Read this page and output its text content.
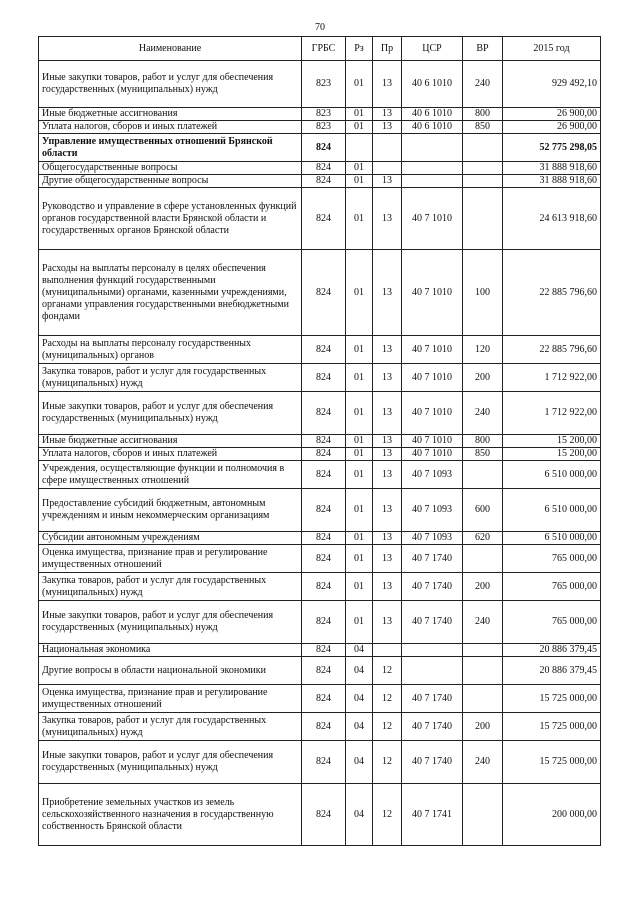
70
Наименование	ГРБС	Рз	Пр	ЦСР	ВР	2015 год
Иные закупки товаров, работ и услуг для обеспечения государственных (муниципальных) нужд	823	01	13	40 6 1010	240	929 492,10
Иные бюджетные ассигнования	823	01	13	40 6 1010	800	26 900,00
Уплата налогов, сборов и иных платежей	823	01	13	40 6 1010	850	26 900,00
Управление имущественных отношений Брянской области	824					52 775 298,05
Общегосударственные вопросы	824	01				31 888 918,60
Другие общегосударственные вопросы	824	01	13			31 888 918,60
Руководство и управление в сфере установленных функций органов государственной власти Брянской области и государственных органов Брянской области	824	01	13	40 7 1010		24 613 918,60
Расходы на выплаты персоналу в целях обеспечения выполнения функций государственными (муниципальными) органами, казенными учреждениями, органами управления государственными внебюджетными фондами	824	01	13	40 7 1010	100	22 885 796,60
Расходы на выплаты персоналу государственных (муниципальных) органов	824	01	13	40 7 1010	120	22 885 796,60
Закупка товаров, работ и услуг для государственных (муниципальных) нужд	824	01	13	40 7 1010	200	1 712 922,00
Иные закупки товаров, работ и услуг для обеспечения государственных (муниципальных) нужд	824	01	13	40 7 1010	240	1 712 922,00
Иные бюджетные ассигнования	824	01	13	40 7 1010	800	15 200,00
Уплата налогов, сборов и иных платежей	824	01	13	40 7 1010	850	15 200,00
Учреждения, осуществляющие функции и полномочия в сфере имущественных отношений	824	01	13	40 7 1093		6 510 000,00
Предоставление субсидий бюджетным, автономным учреждениям и иным некоммерческим организациям	824	01	13	40 7 1093	600	6 510 000,00
Субсидии автономным учреждениям	824	01	13	40 7 1093	620	6 510 000,00
Оценка имущества, признание прав и регулирование имущественных отношений	824	01	13	40 7 1740		765 000,00
Закупка товаров, работ и услуг для государственных (муниципальных) нужд	824	01	13	40 7 1740	200	765 000,00
Иные закупки товаров, работ и услуг для обеспечения государственных (муниципальных) нужд	824	01	13	40 7 1740	240	765 000,00
Национальная экономика	824	04				20 886 379,45
Другие вопросы в области национальной экономики	824	04	12			20 886 379,45
Оценка имущества, признание прав и регулирование имущественных отношений	824	04	12	40 7 1740		15 725 000,00
Закупка товаров, работ и услуг для государственных (муниципальных) нужд	824	04	12	40 7 1740	200	15 725 000,00
Иные закупки товаров, работ и услуг для обеспечения государственных (муниципальных) нужд	824	04	12	40 7 1740	240	15 725 000,00
Приобретение земельных участков из земель сельскохозяйственного назначения в государственную собственность Брянской области	824	04	12	40 7 1741		200 000,00
